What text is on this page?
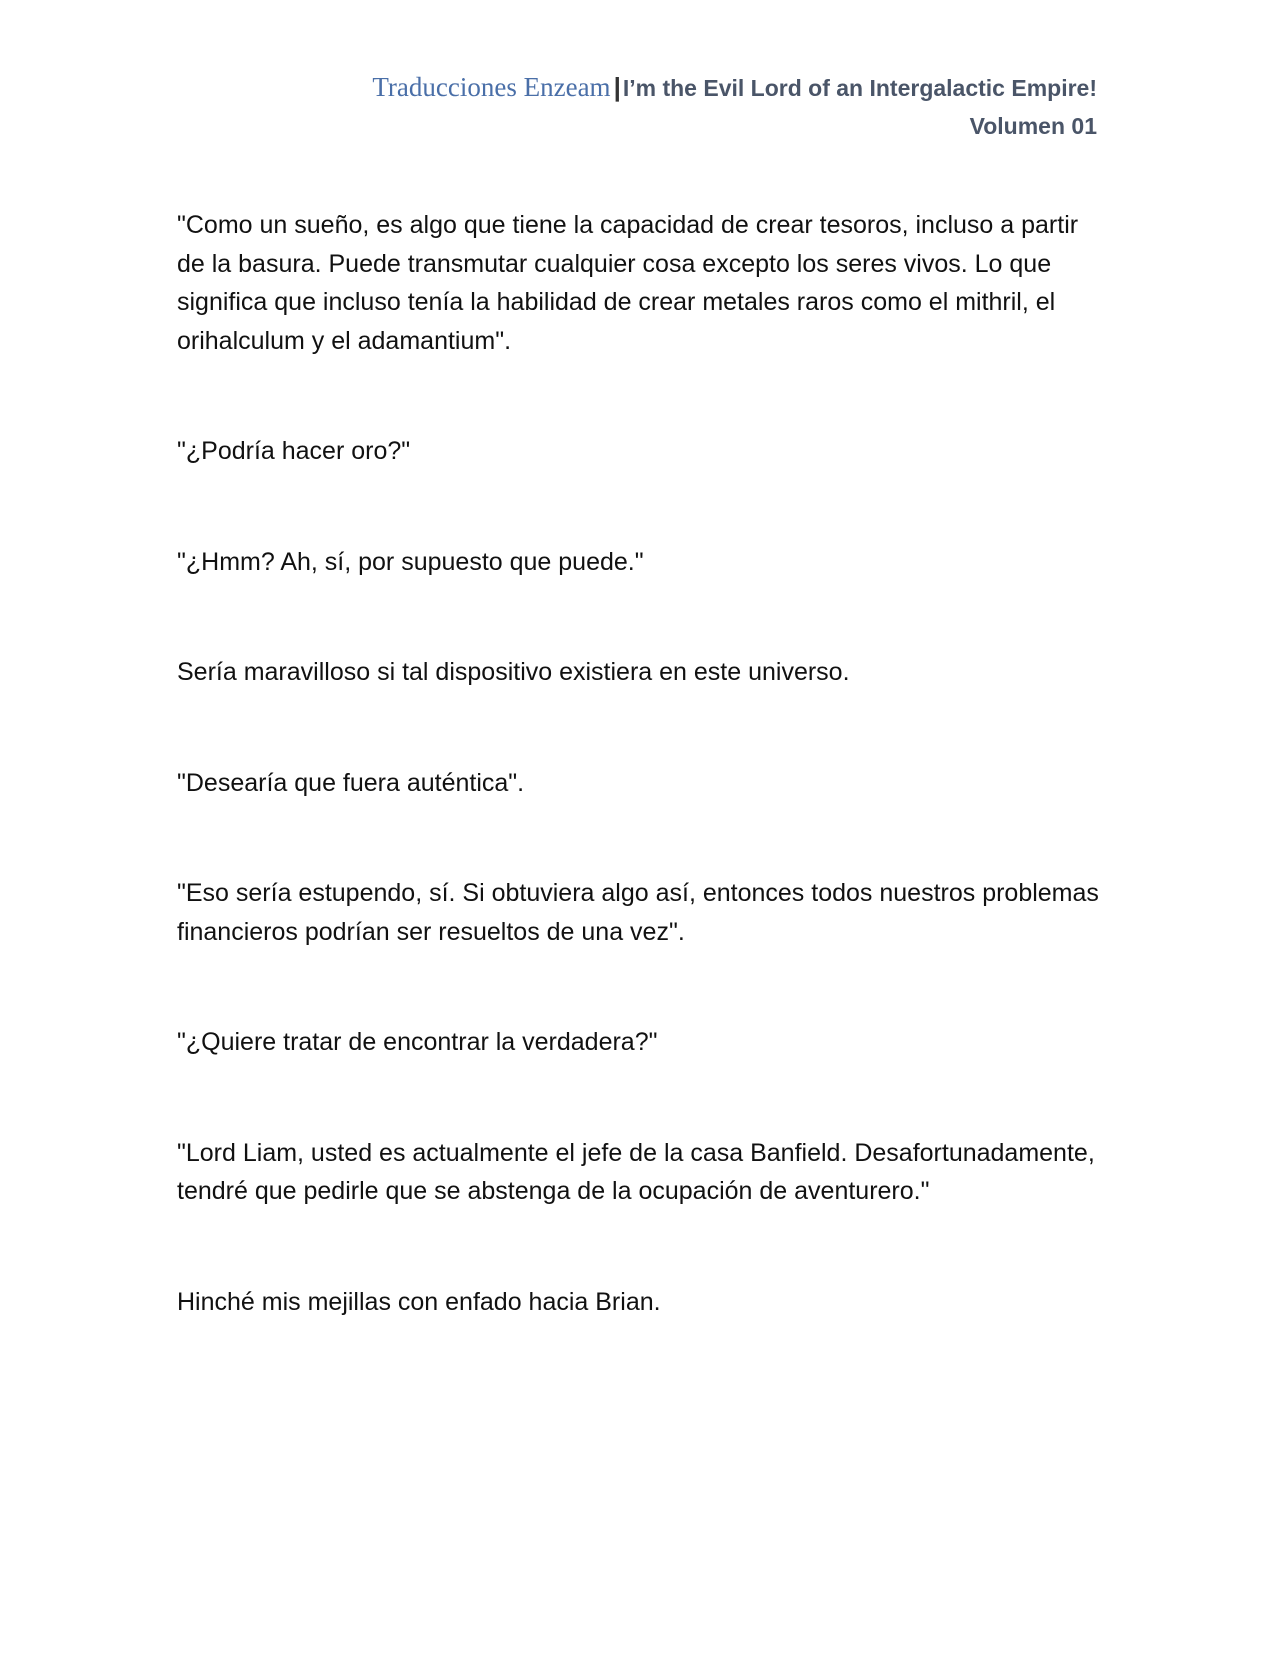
Traducciones Enzeam |I’m the Evil Lord of an Intergalactic Empire!
Volumen 01

"Como un sueño, es algo que tiene la capacidad de crear tesoros, incluso a partir de la basura. Puede transmutar cualquier cosa excepto los seres vivos. Lo que significa que incluso tenía la habilidad de crear metales raros como el mithril, el orihalculum y el adamantium".

"¿Podría hacer oro?"

"¿Hmm? Ah, sí, por supuesto que puede."

Sería maravilloso si tal dispositivo existiera en este universo.

"Desearía que fuera auténtica".

"Eso sería estupendo, sí. Si obtuviera algo así, entonces todos nuestros problemas financieros podrían ser resueltos de una vez".

"¿Quiere tratar de encontrar la verdadera?"

"Lord Liam, usted es actualmente el jefe de la casa Banfield. Desafortunadamente, tendré que pedirle que se abstenga de la ocupación de aventurero."

Hinché mis mejillas con enfado hacia Brian.
